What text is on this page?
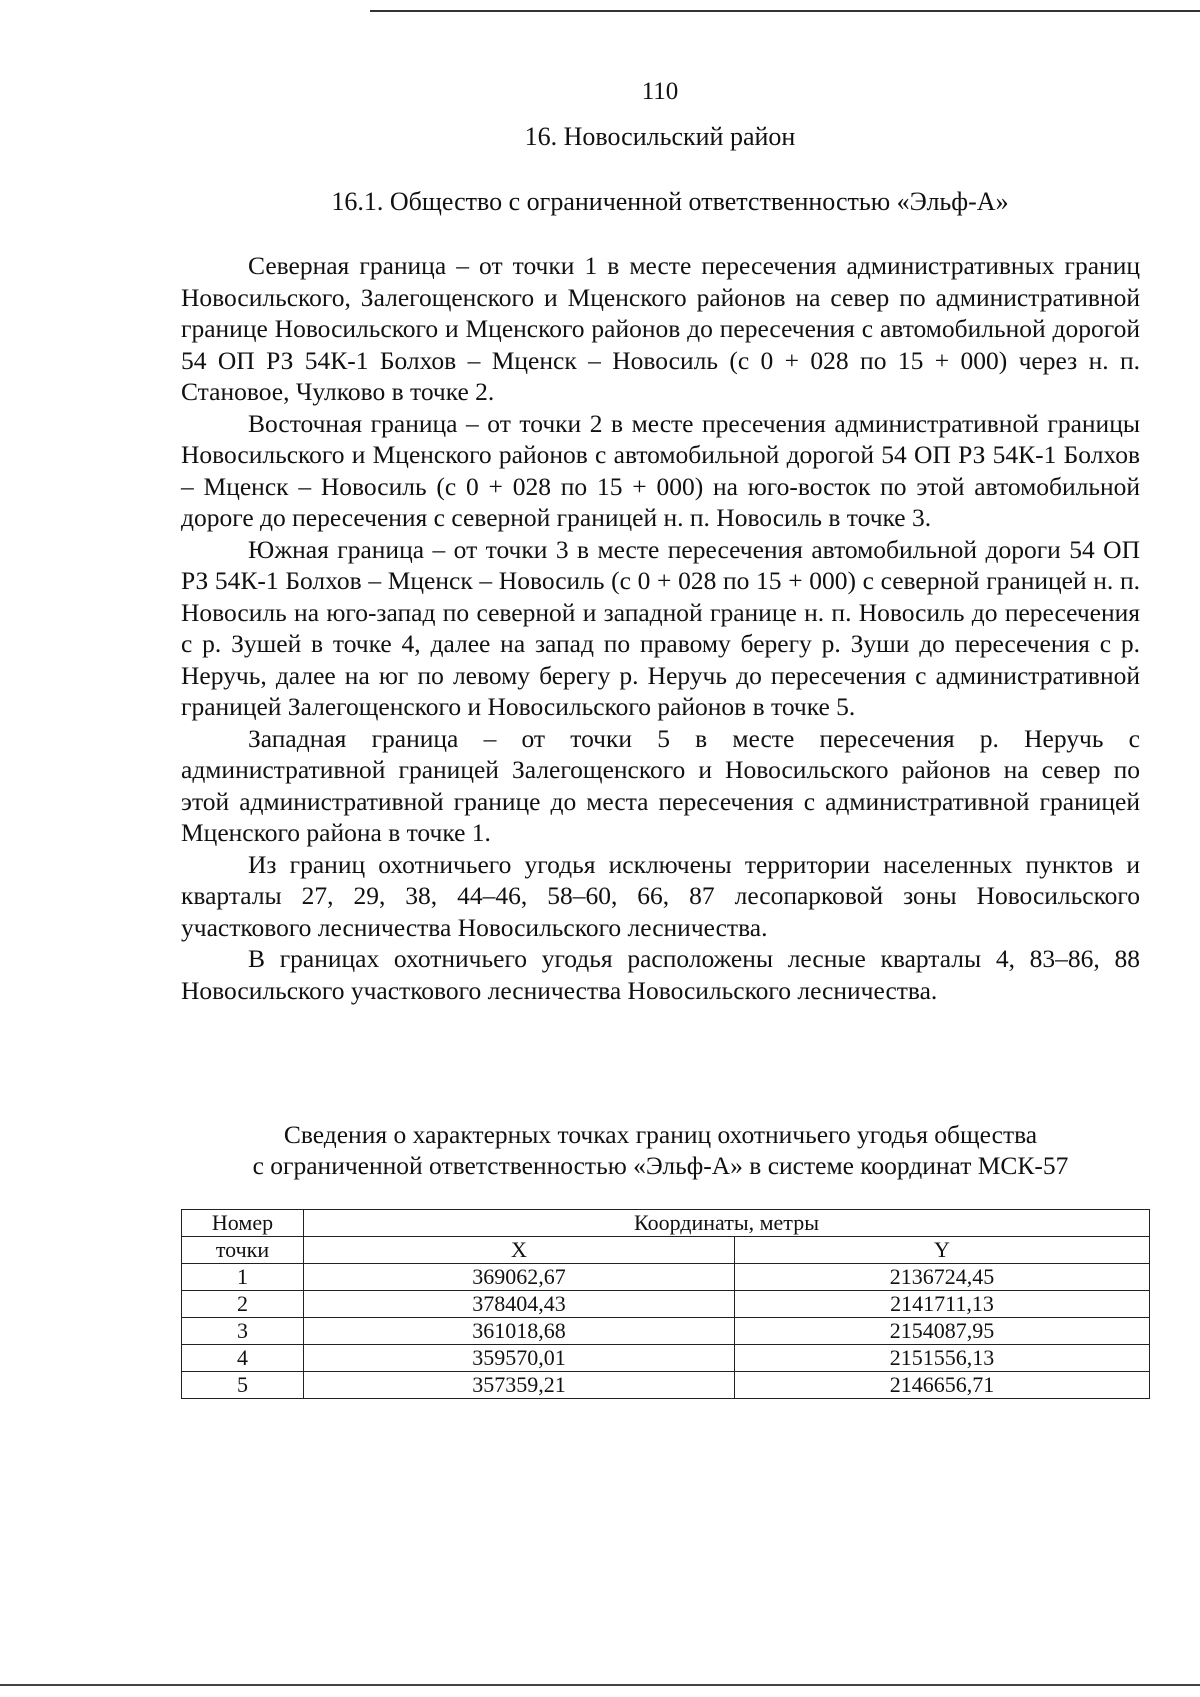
110
16. Новосильский район
16.1. Общество с ограниченной ответственностью «Эльф-А»

Северная граница – от точки 1 в месте пересечения административных границ Новосильского, Залегощенского и Мценского районов на север по административной границе Новосильского и Мценского районов до пересечения с автомобильной дорогой 54 ОП РЗ 54К-1 Болхов – Мценск – Новосиль (с 0 + 028 по 15 + 000) через н. п. Становое, Чулково в точке 2.

Восточная граница – от точки 2 в месте пресечения административной границы Новосильского и Мценского районов с автомобильной дорогой 54 ОП РЗ 54К-1 Болхов – Мценск – Новосиль (с 0 + 028 по 15 + 000) на юго-восток по этой автомобильной дороге до пересечения с северной границей н. п. Новосиль в точке 3.

Южная граница – от точки 3 в месте пересечения автомобильной дороги 54 ОП РЗ 54К-1 Болхов – Мценск – Новосиль (с 0 + 028 по 15 + 000) с северной границей н. п. Новосиль на юго-запад по северной и западной границе н. п. Новосиль до пересечения с р. Зушей в точке 4, далее на запад по правому берегу р. Зуши до пересечения с р. Неручь, далее на юг по левому берегу р. Неручь до пересечения с административной границей Залегощенского и Новосильского районов в точке 5.

Западная граница – от точки 5 в месте пересечения р. Неручь с административной границей Залегощенского и Новосильского районов на север по этой административной границе до места пересечения с административной границей Мценского района в точке 1.

Из границ охотничьего угодья исключены территории населенных пунктов и кварталы 27, 29, 38, 44–46, 58–60, 66, 87 лесопарковой зоны Новосильского участкового лесничества Новосильского лесничества.

В границах охотничьего угодья расположены лесные кварталы 4, 83–86, 88 Новосильского участкового лесничества Новосильского лесничества.

Сведения о характерных точках границ охотничьего угодья общества
с ограниченной ответственностью «Эльф-А» в системе координат МСК-57
Номер	Координаты, метры	
точки	X	Y
1	369062,67	2136724,45
2	378404,43	2141711,13
3	361018,68	2154087,95
4	359570,01	2151556,13
5	357359,21	2146656,71
